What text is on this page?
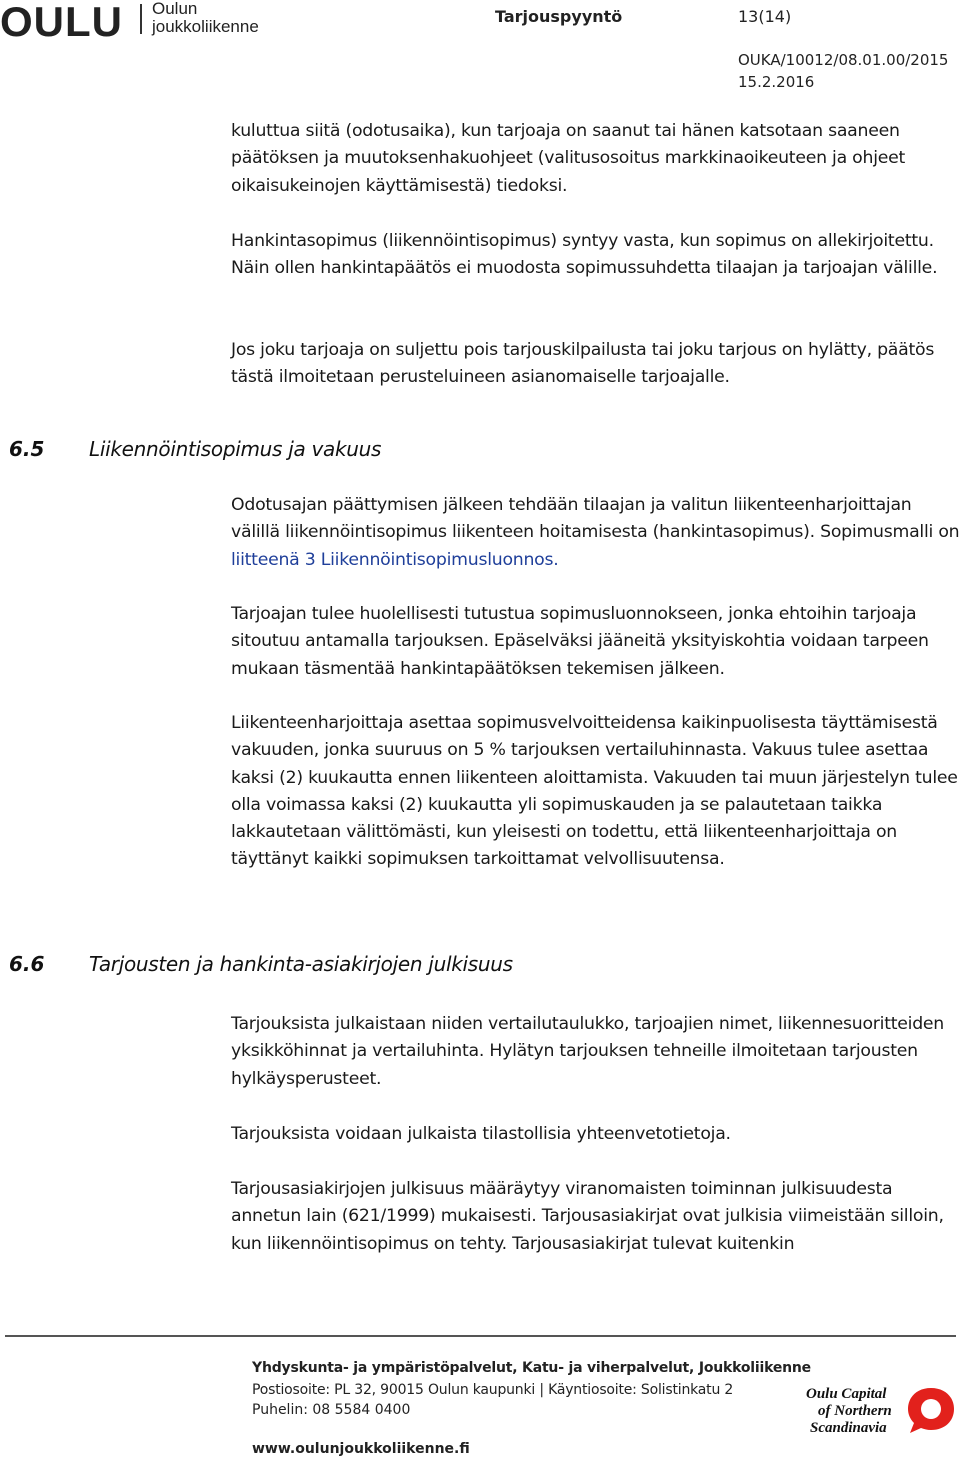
OULU Oulun
joukkoliikenne
Tarjouspyyntö	13(14)
OUKA/10012/08.01.00/2015
15.2.2016

kuluttua siitä (odotusaika), kun tarjoaja on saanut tai hänen katsotaan saaneen päätöksen ja muutoksenhakuohjeet (valitusosoitus markkinaoikeuteen ja ohjeet oikaisukeinojen käyttämisestä) tiedoksi.

Hankintasopimus (liikennöintisopimus) syntyy vasta, kun sopimus on allekirjoitettu. Näin ollen hankintapäätös ei muodosta sopimussuhdetta tilaajan ja tarjoajan välille.

Jos joku tarjoaja on suljettu pois tarjouskilpailusta tai joku tarjous on hylätty, päätös tästä ilmoitetaan perusteluineen asianomaiselle tarjoajalle.

6.5 Liikennöintisopimus ja vakuus

Odotusajan päättymisen jälkeen tehdään tilaajan ja valitun liikenteenharjoittajan välillä liikennöintisopimus liikenteen hoitamisesta (hankintasopimus). Sopimusmalli on liitteenä 3 Liikennöintisopimusluonnos.

Tarjoajan tulee huolellisesti tutustua sopimusluonnokseen, jonka ehtoihin tarjoaja sitoutuu antamalla tarjouksen. Epäselväksi jääneitä yksityiskohtia voidaan tarpeen mukaan täsmentää hankintapäätöksen tekemisen jälkeen.

Liikenteenharjoittaja asettaa sopimusvelvoitteidensa kaikinpuolisesta täyttämisestä vakuuden, jonka suuruus on 5 % tarjouksen vertailuhinnasta. Vakuus tulee asettaa kaksi (2) kuukautta ennen liikenteen aloittamista. Vakuuden tai muun järjestelyn tulee olla voimassa kaksi (2) kuukautta yli sopimuskauden ja se palautetaan taikka lakkautetaan välittömästi, kun yleisesti on todettu, että liikenteenharjoittaja on täyttänyt kaikki sopimuksen tarkoittamat velvollisuutensa.

6.6 Tarjousten ja hankinta-asiakirjojen julkisuus

Tarjouksista julkaistaan niiden vertailutaulukko, tarjoajien nimet, liikennesuoritteiden yksikköhinnat ja vertailuhinta. Hylätyn tarjouksen tehneille ilmoitetaan tarjousten hylkäysperusteet.

Tarjouksista voidaan julkaista tilastollisia yhteenvetotietoja.

Tarjousasiakirjojen julkisuus määräytyy viranomaisten toiminnan julkisuudesta annetun lain (621/1999) mukaisesti. Tarjousasiakirjat ovat julkisia viimeistään silloin, kun liikennöintisopimus on tehty. Tarjousasiakirjat tulevat kuitenkin

Yhdyskunta- ja ympäristöpalvelut, Katu- ja viherpalvelut, Joukkoliikenne
Postiosoite: PL 32, 90015 Oulun kaupunki | Käyntiosoite: Solistinkatu 2
Puhelin: 08 5584 0400
www.oulunjoukkoliikenne.fi
Oulu Capital
of Northern
Scandinavia
